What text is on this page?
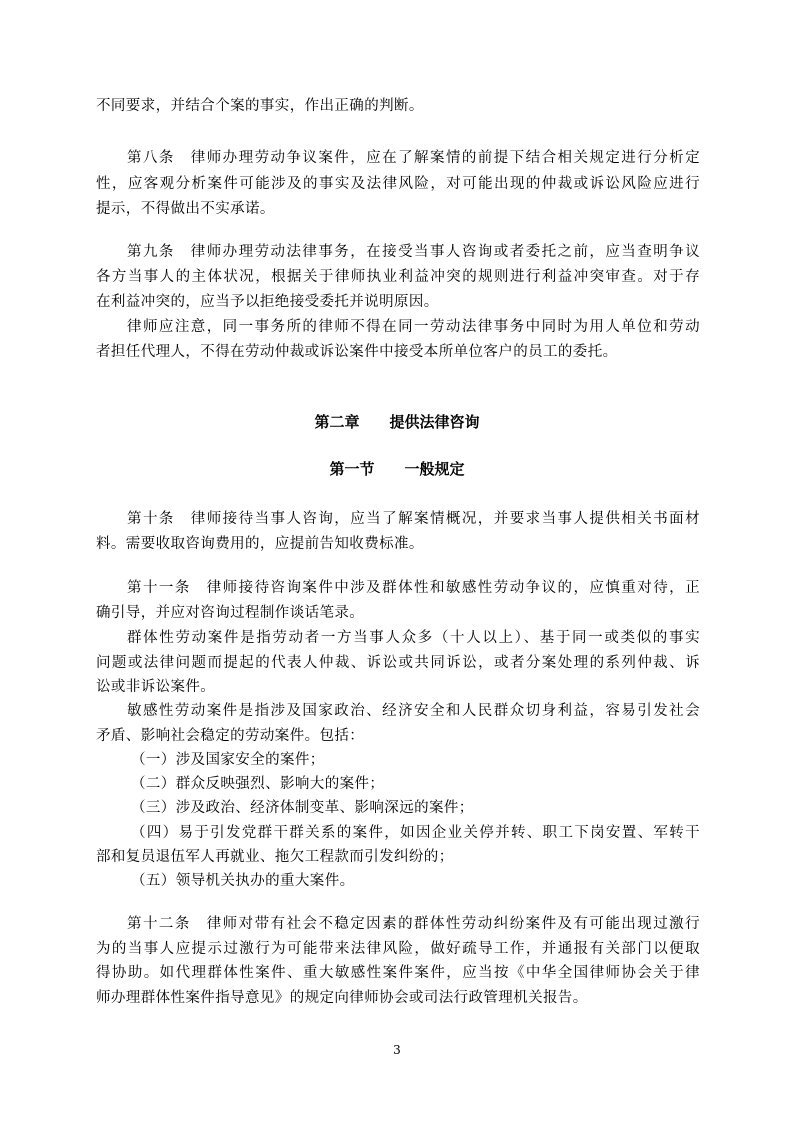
不同要求，并结合个案的事实，作出正确的判断。
第八条　律师办理劳动争议案件，应在了解案情的前提下结合相关规定进行分析定
性，应客观分析案件可能涉及的事实及法律风险，对可能出现的仲裁或诉讼风险应进行
提示，不得做出不实承诺。
第九条　律师办理劳动法律事务，在接受当事人咨询或者委托之前，应当查明争议
各方当事人的主体状况，根据关于律师执业利益冲突的规则进行利益冲突审查。对于存
在利益冲突的，应当予以拒绝接受委托并说明原因。
律师应注意，同一事务所的律师不得在同一劳动法律事务中同时为用人单位和劳动
者担任代理人，不得在劳动仲裁或诉讼案件中接受本所单位客户的员工的委托。
第二章　　提供法律咨询
第一节　　一般规定
第十条　律师接待当事人咨询，应当了解案情概况，并要求当事人提供相关书面材
料。需要收取咨询费用的，应提前告知收费标准。
第十一条　律师接待咨询案件中涉及群体性和敏感性劳动争议的，应慎重对待，正
确引导，并应对咨询过程制作谈话笔录。
群体性劳动案件是指劳动者一方当事人众多（十人以上）、基于同一或类似的事实
问题或法律问题而提起的代表人仲裁、诉讼或共同诉讼，或者分案处理的系列仲裁、诉
讼或非诉讼案件。
敏感性劳动案件是指涉及国家政治、经济安全和人民群众切身利益，容易引发社会
矛盾、影响社会稳定的劳动案件。包括：
（一）涉及国家安全的案件；
（二）群众反映强烈、影响大的案件；
（三）涉及政治、经济体制变革、影响深远的案件；
（四）易于引发党群干群关系的案件，如因企业关停并转、职工下岗安置、军转干
部和复员退伍军人再就业、拖欠工程款而引发纠纷的；
（五）领导机关执办的重大案件。
第十二条　律师对带有社会不稳定因素的群体性劳动纠纷案件及有可能出现过激行
为的当事人应提示过激行为可能带来法律风险，做好疏导工作，并通报有关部门以便取
得协助。如代理群体性案件、重大敏感性案件案件，应当按《中华全国律师协会关于律
师办理群体性案件指导意见》的规定向律师协会或司法行政管理机关报告。
3
